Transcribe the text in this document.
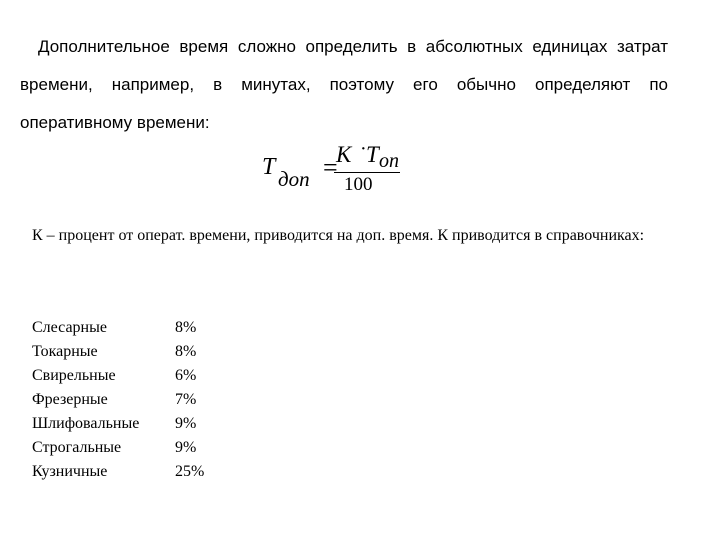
Дополнительное время сложно определить в абсолютных единицах затрат времени, например, в минутах, поэтому его обычно определяют по оперативному времени:

T доп =
K · T оп
100

К – процент от операт. времени, приводится на доп. время. К приводится в справочниках:

Слесарные	8%
Токарные	8%
Свирельные	6%
Фрезерные	7%
Шлифовальные	9%
Строгальные	9%
Кузничные	25%
